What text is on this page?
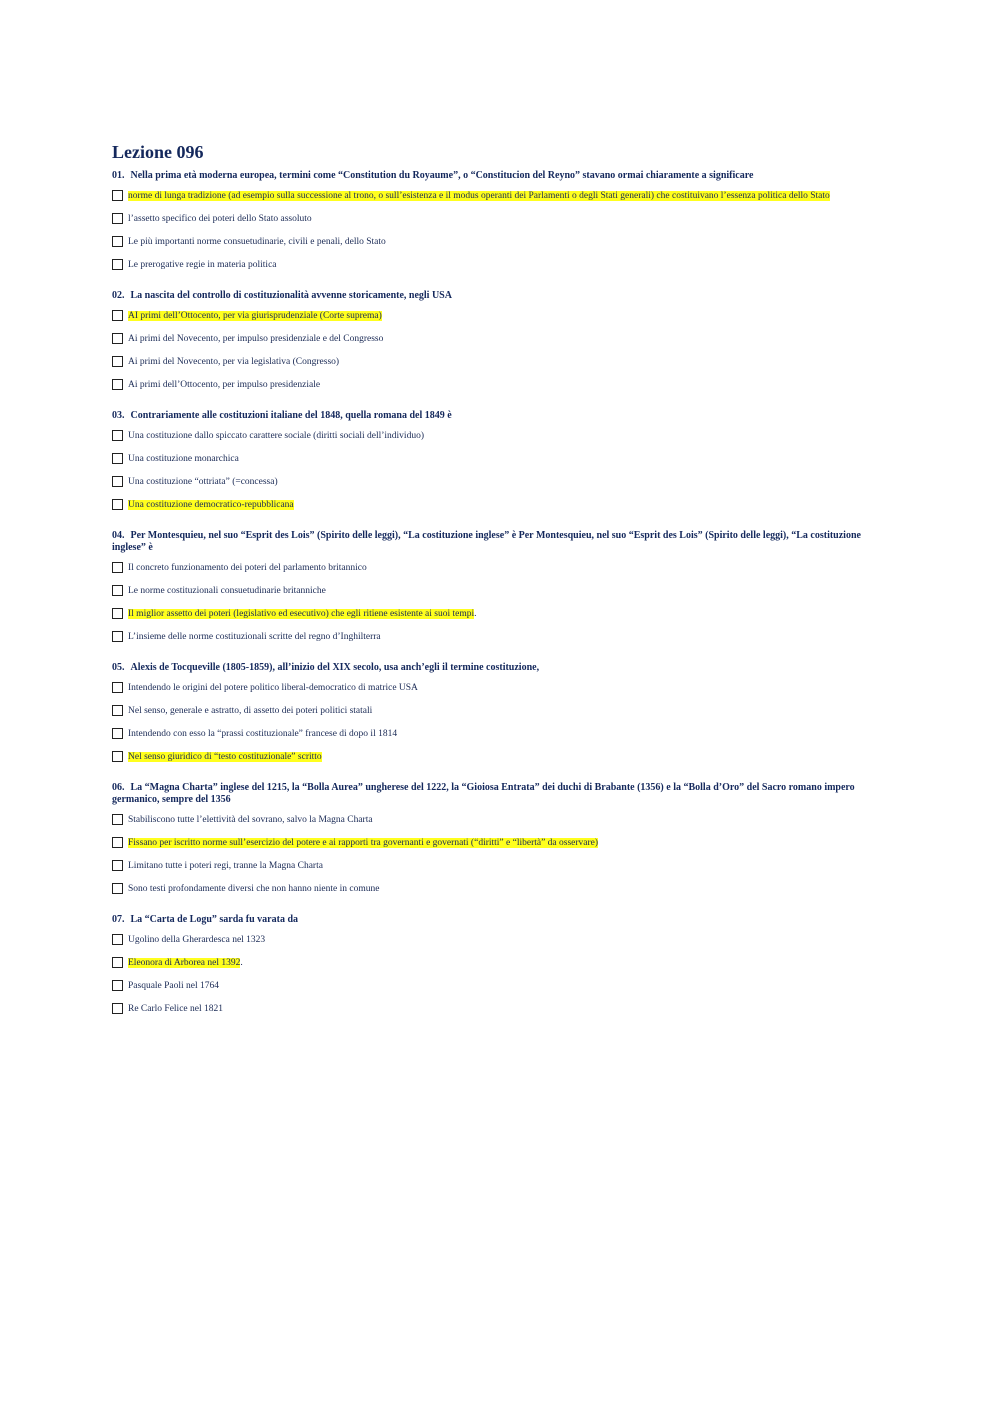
Lezione 096
01. Nella prima età moderna europea, termini come “Constitution du Royaume”, o “Constitucion del Reyno” stavano ormai chiaramente a significare
norme di lunga tradizione (ad esempio sulla successione al trono, o sull’esistenza e il modus operanti dei Parlamenti o degli Stati generali) che costituivano l’essenza politica dello Stato
l’assetto specifico dei poteri dello Stato assoluto
Le più importanti norme consuetudinarie, civili e penali, dello Stato
Le prerogative regie in materia politica
02. La nascita del controllo di costituzionalità avvenne storicamente, negli USA
AI primi dell’Ottocento, per via giurisprudenziale (Corte suprema)
Ai primi del Novecento, per impulso presidenziale e del Congresso
Ai primi del Novecento, per via legislativa (Congresso)
Ai primi dell’Ottocento, per impulso presidenziale
03. Contrariamente alle costituzioni italiane del 1848, quella romana del 1849 è
Una costituzione dallo spiccato carattere sociale (diritti sociali dell’individuo)
Una costituzione monarchica
Una costituzione “ottriata” (=concessa)
Una costituzione democratico-repubblicana
04. Per Montesquieu, nel suo “Esprit des Lois” (Spirito delle leggi), “La costituzione inglese” è Per Montesquieu, nel suo “Esprit des Lois” (Spirito delle leggi), “La costituzione inglese” è
Il concreto funzionamento dei poteri del parlamento britannico
Le norme costituzionali consuetudinarie britanniche
Il miglior assetto dei poteri (legislativo ed esecutivo) che egli ritiene esistente ai suoi tempi.
L’insieme delle norme costituzionali scritte del regno d’Inghilterra
05. Alexis de Tocqueville (1805-1859), all’inizio del XIX secolo, usa anch’egli il termine costituzione,
Intendendo le origini del potere politico liberal-democratico di matrice USA
Nel senso, generale e astratto, di assetto dei poteri politici statali
Intendendo con esso la “prassi costituzionale” francese di dopo il 1814
Nel senso giuridico di “testo costituzionale” scritto
06. La “Magna Charta” inglese del 1215, la “Bolla Aurea” ungherese del 1222, la “Gioiosa Entrata” dei duchi di Brabante (1356) e la “Bolla d’Oro” del Sacro romano impero germanico, sempre del 1356
Stabiliscono tutte l’elettività del sovrano, salvo la Magna Charta
Fissano per iscritto norme sull’esercizio del potere e ai rapporti tra governanti e governati (“diritti” e “libertà” da osservare)
Limitano tutte i poteri regi, tranne la Magna Charta
Sono testi profondamente diversi che non hanno niente in comune
07. La “Carta de Logu” sarda fu varata da
Ugolino della Gherardesca nel 1323
Eleonora di Arborea nel 1392.
Pasquale Paoli nel 1764
Re Carlo Felice nel 1821
